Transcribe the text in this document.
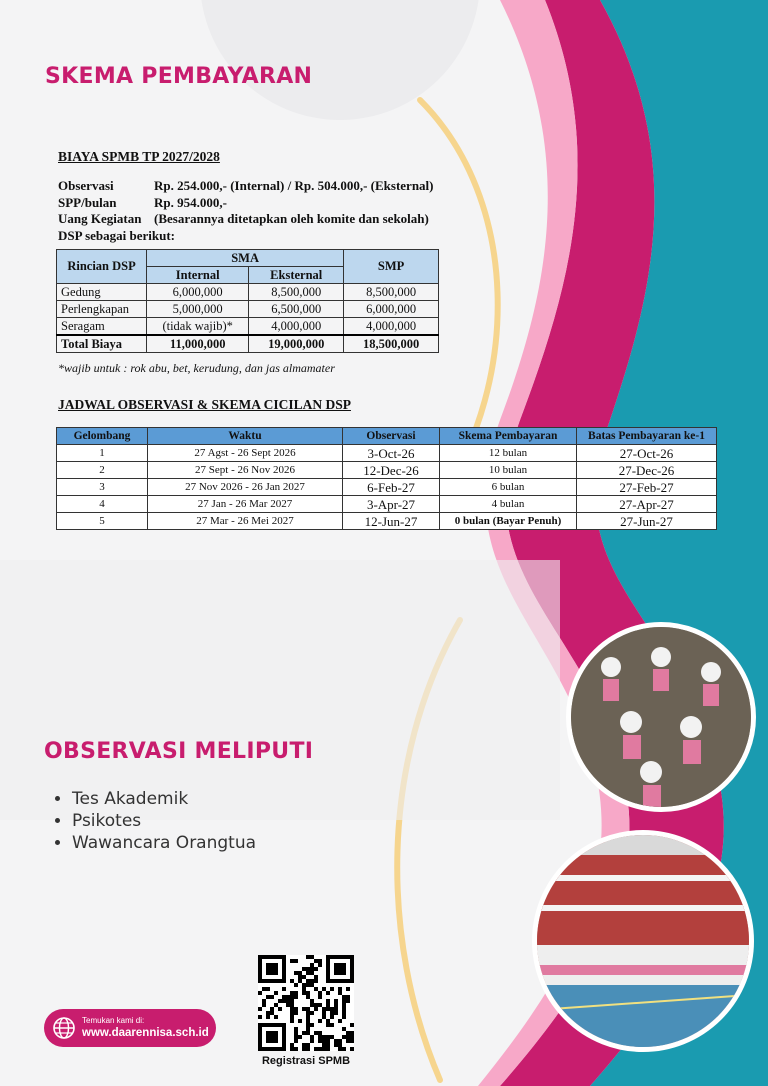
SKEMA PEMBAYARAN
BIAYA SPMB TP 2027/2028
Observasi	Rp. 254.000,- (Internal) / Rp. 504.000,- (Eksternal)
SPP/bulan	Rp. 954.000,-
Uang Kegiatan (Besarannya ditetapkan oleh komite dan sekolah)
DSP sebagai berikut:
Rincian DSP	SMA		SMP
	Internal	Eksternal	
Gedung	6,000,000	8,500,000	8,500,000
Perlengkapan	5,000,000	6,500,000	6,000,000
Seragam	(tidak wajib)*	4,000,000	4,000,000
Total Biaya	11,000,000	19,000,000	18,500,000
*wajib untuk : rok abu, bet, kerudung, dan jas almamater
JADWAL OBSERVASI & SKEMA CICILAN DSP
Gelombang	Waktu	Observasi	Skema Pembayaran	Batas Pembayaran ke-1
1	27 Agst - 26 Sept 2026	3-Oct-26	12 bulan	27-Oct-26
2	27 Sept - 26 Nov 2026	12-Dec-26	10 bulan	27-Dec-26
3	27 Nov 2026 - 26 Jan 2027	6-Feb-27	6 bulan	27-Feb-27
4	27 Jan - 26 Mar 2027	3-Apr-27	4 bulan	27-Apr-27
5	27 Mar - 26 Mei 2027	12-Jun-27	0 bulan (Bayar Penuh)	27-Jun-27
OBSERVASI MELIPUTI
• Tes Akademik
• Psikotes
• Wawancara Orangtua
Temukan kami di:
www.daarennisa.sch.id
Registrasi SPMB
